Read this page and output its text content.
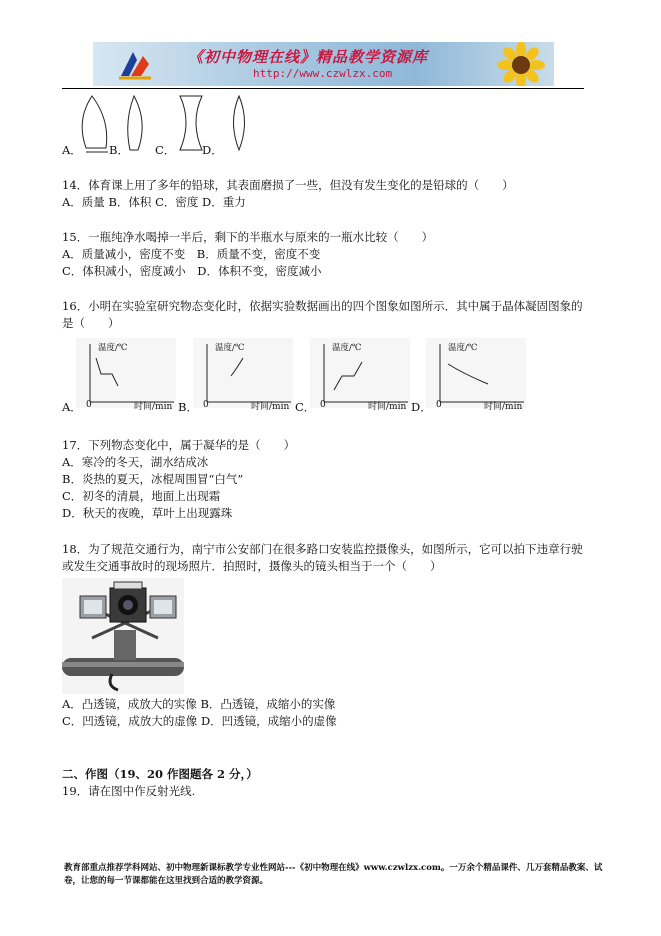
《初中物理在线》精品教学资源库
http://www.czwlzx.com
A． B． C． D．
14．体育课上用了多年的铅球，其表面磨损了一些，但没有发生变化的是铅球的（　　）
A．质量 B．体积 C．密度 D．重力
15．一瓶纯净水喝掉一半后，剩下的半瓶水与原来的一瓶水比较（　　）
A．质量减小，密度不变　B．质量不变，密度不变
C．体积减小，密度减小　D．体积不变，密度减小
16．小明在实验室研究物态变化时，依据实验数据画出的四个图象如图所示．其中属于晶体凝固图象的
是（　　）
温度/℃
A． 0	时间/min
温度/℃
B． 0	时间/min
温度/℃
C． 0	时间/min
温度/℃
D． 0	时间/min
17．下列物态变化中，属于凝华的是（　　）
A．寒冷的冬天，湖水结成冰
B．炎热的夏天，冰棍周围冒“白气”
C．初冬的清晨，地面上出现霜
D．秋天的夜晚，草叶上出现露珠
18．为了规范交通行为，南宁市公安部门在很多路口安装监控摄像头，如图所示，它可以拍下违章行驶
或发生交通事故时的现场照片．拍照时，摄像头的镜头相当于一个（　　）
A．凸透镜，成放大的实像 B．凸透镜，成缩小的实像
C．凹透镜，成放大的虚像 D．凹透镜，成缩小的虚像
二、作图（19、20 作图题各 2 分，）
19．请在图中作反射光线.
教育部重点推荐学科网站、初中物理新课标教学专业性网站---《初中物理在线》www.czwlzx.com。一万余个精品课件、几万套精品教案、试卷，让您的每一节课都能在这里找到合适的教学资源。
